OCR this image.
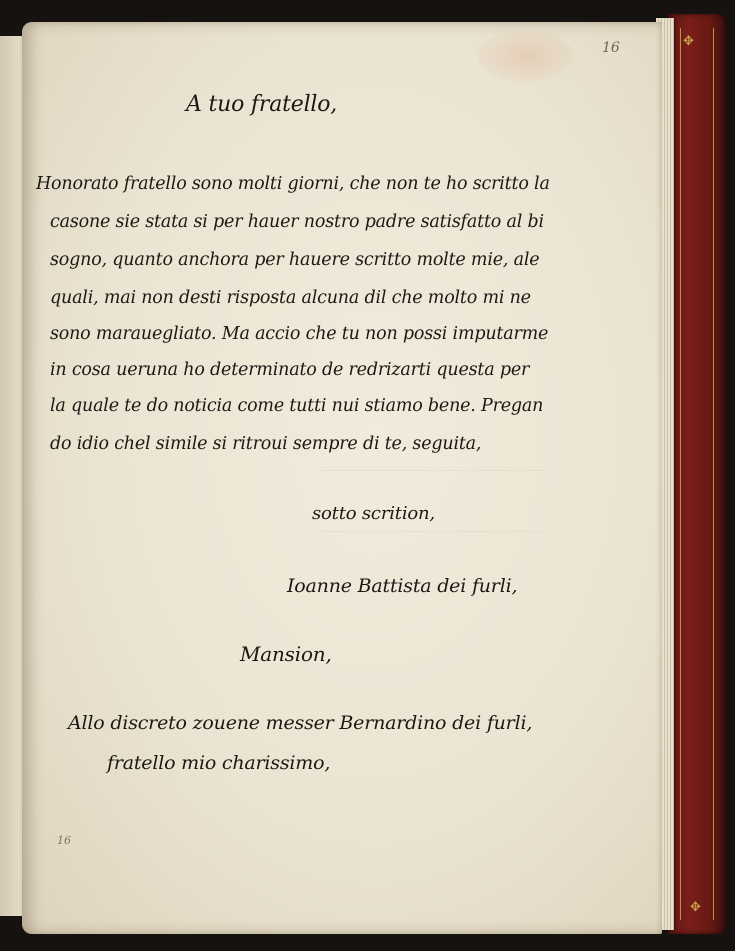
✥
✥
16
16
A tuo fratello,
Honorato fratello sono molti giorni, che non te ho scritto la
casone sie stata si per hauer nostro padre satisfatto al bi
sogno, quanto anchora per hauere scritto molte mie, ale
quali, mai non desti risposta alcuna dil che molto mi ne
sono marauegliato. Ma accio che tu non possi imputarme
in cosa ueruna ho determinato de redrizarti questa per
la quale te do noticia come tutti nui stiamo bene. Pregan
do idio chel simile si ritroui sempre di te, seguita,
sotto scrition,
Ioanne Battista dei furli,
Mansion,
Allo discreto zouene messer Bernardino dei furli,
fratello mio charissimo,
